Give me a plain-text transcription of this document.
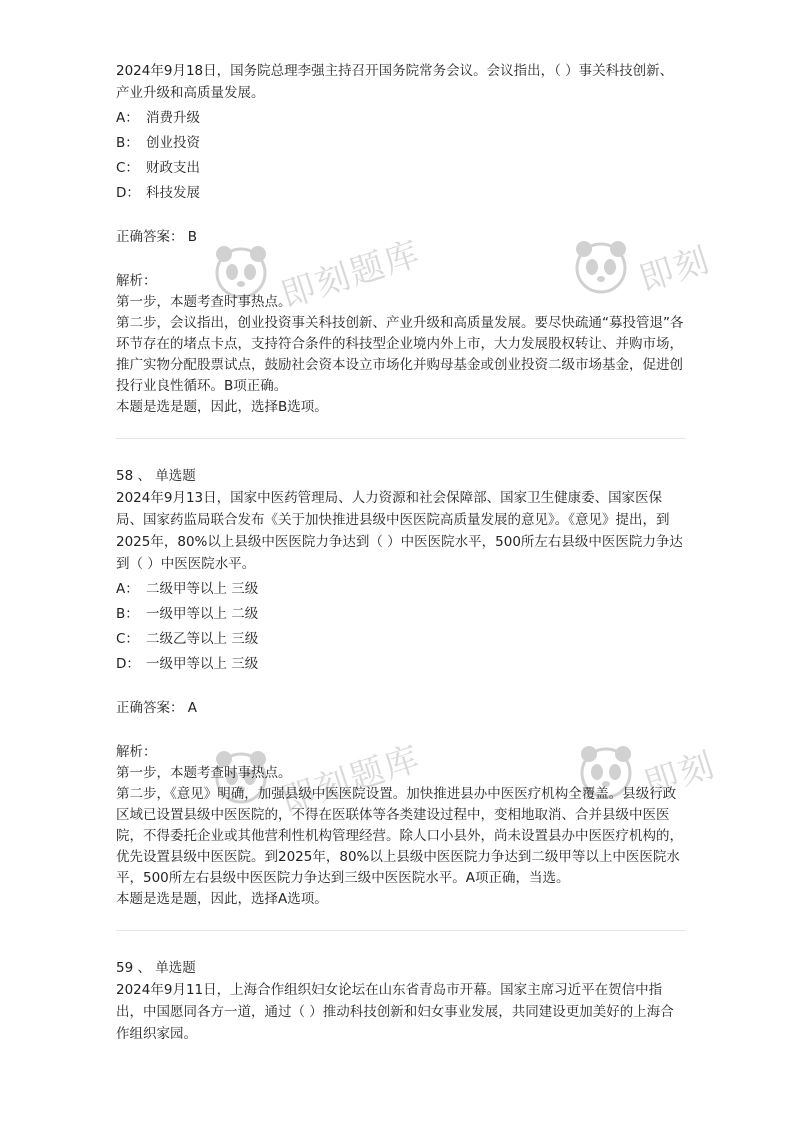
即刻题库	即刻
即刻题库	即刻

2024年9月18日，国务院总理李强主持召开国务院常务会议。会议指出，（ ）事关科技创新、产业升级和高质量发展。

A： 消费升级
B： 创业投资
C： 财政支出
D： 科技发展
正确答案： B
解析：

第一步，本题考查时事热点。

第二步，会议指出，创业投资事关科技创新、产业升级和高质量发展。要尽快疏通“募投管退”各环节存在的堵点卡点，支持符合条件的科技型企业境内外上市，大力发展股权转让、并购市场，推广实物分配股票试点，鼓励社会资本设立市场化并购母基金或创业投资二级市场基金，促进创投行业良性循环。B项正确。

本题是选是题，因此，选择B选项。

58 、 单选题

2024年9月13日，国家中医药管理局、人力资源和社会保障部、国家卫生健康委、国家医保局、国家药监局联合发布《关于加快推进县级中医医院高质量发展的意见》。《意见》提出，到2025年，80%以上县级中医医院力争达到（ ）中医医院水平，500所左右县级中医医院力争达到（ ）中医医院水平。

A： 二级甲等以上 三级
B： 一级甲等以上 二级
C： 二级乙等以上 三级
D： 一级甲等以上 三级
正确答案： A
解析：

第一步，本题考查时事热点。

第二步，《意见》明确，加强县级中医医院设置。加快推进县办中医医疗机构全覆盖。县级行政区域已设置县级中医医院的，不得在医联体等各类建设过程中，变相地取消、合并县级中医医院，不得委托企业或其他营利性机构管理经营。除人口小县外，尚未设置县办中医医疗机构的，优先设置县级中医医院。到2025年，80%以上县级中医医院力争达到二级甲等以上中医医院水平，500所左右县级中医医院力争达到三级中医医院水平。A项正确，当选。

本题是选是题，因此，选择A选项。

59 、 单选题

2024年9月11日，上海合作组织妇女论坛在山东省青岛市开幕。国家主席习近平在贺信中指出，中国愿同各方一道，通过（ ）推动科技创新和妇女事业发展，共同建设更加美好的上海合作组织家园。
